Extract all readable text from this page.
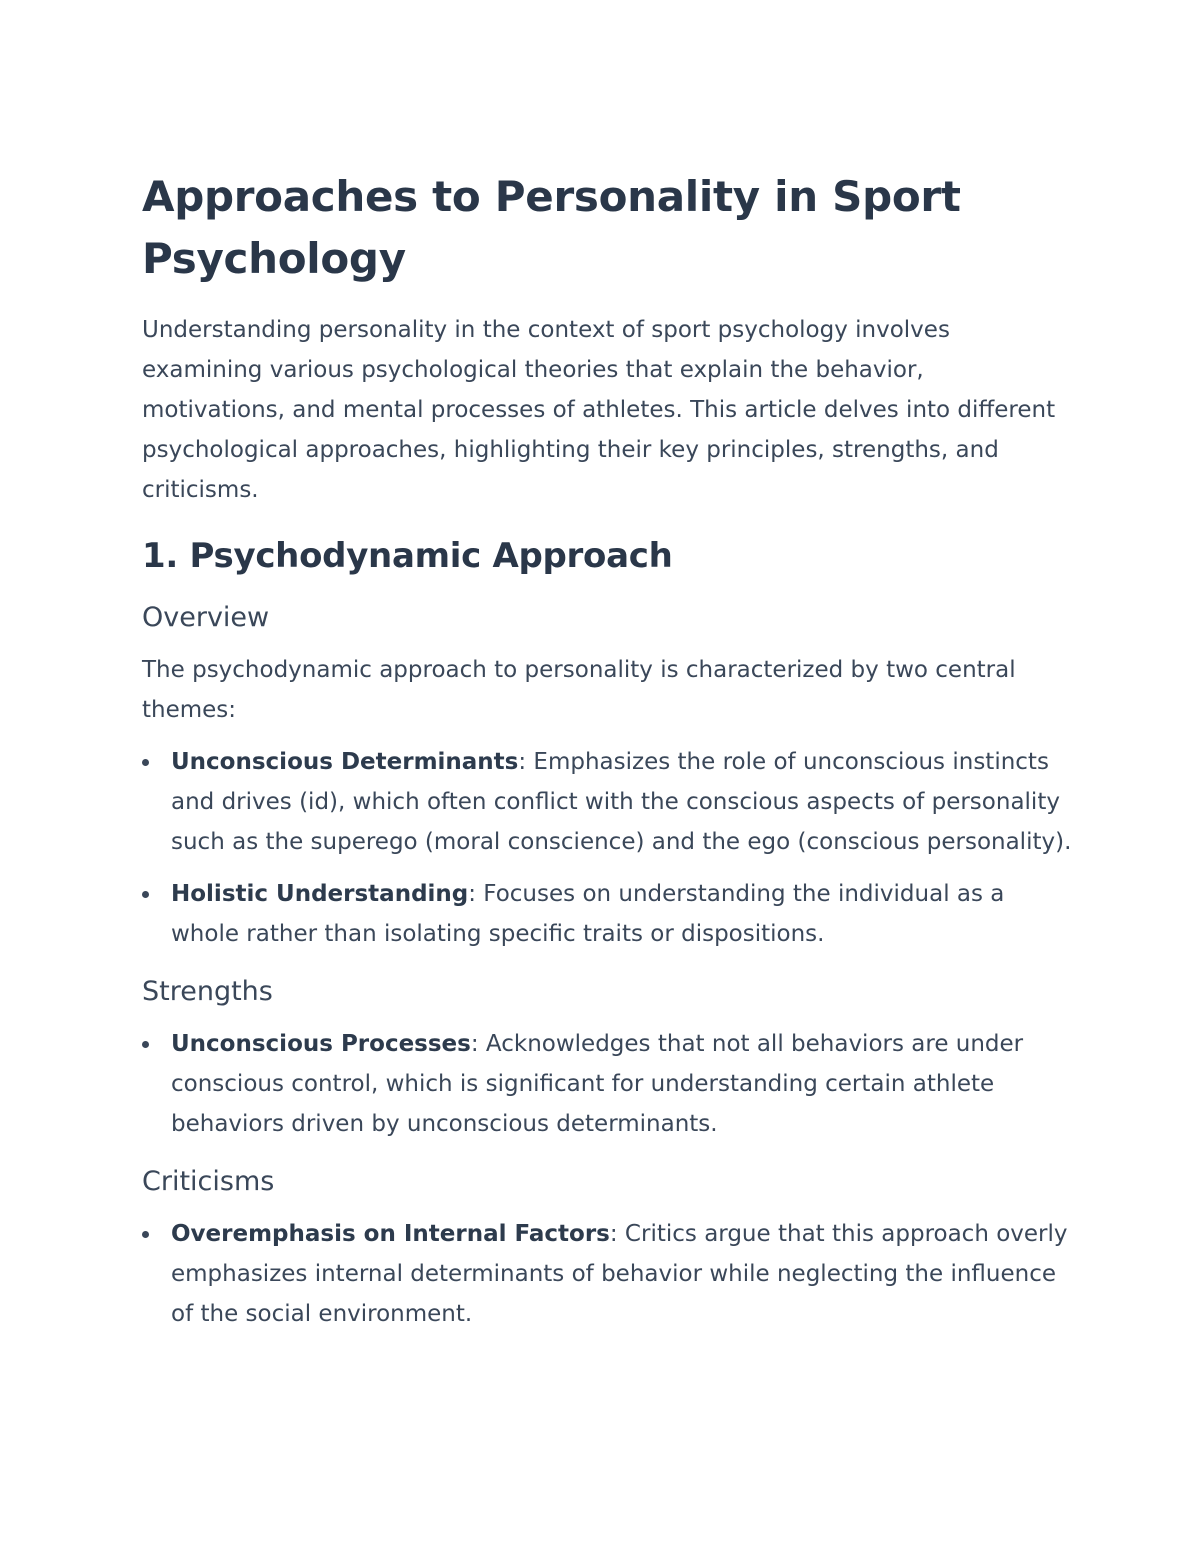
Approaches to Personality in Sport Psychology

Understanding personality in the context of sport psychology involves examining various psychological theories that explain the behavior, motivations, and mental processes of athletes. This article delves into different psychological approaches, highlighting their key principles, strengths, and criticisms.

1. Psychodynamic Approach
Overview

The psychodynamic approach to personality is characterized by two central themes:

Unconscious Determinants: Emphasizes the role of unconscious instincts and drives (id), which often conflict with the conscious aspects of personality such as the superego (moral conscience) and the ego (conscious personality).
Holistic Understanding: Focuses on understanding the individual as a whole rather than isolating specific traits or dispositions.
Strengths
Unconscious Processes: Acknowledges that not all behaviors are under conscious control, which is significant for understanding certain athlete behaviors driven by unconscious determinants.
Criticisms
Overemphasis on Internal Factors: Critics argue that this approach overly emphasizes internal determinants of behavior while neglecting the influence of the social environment.
